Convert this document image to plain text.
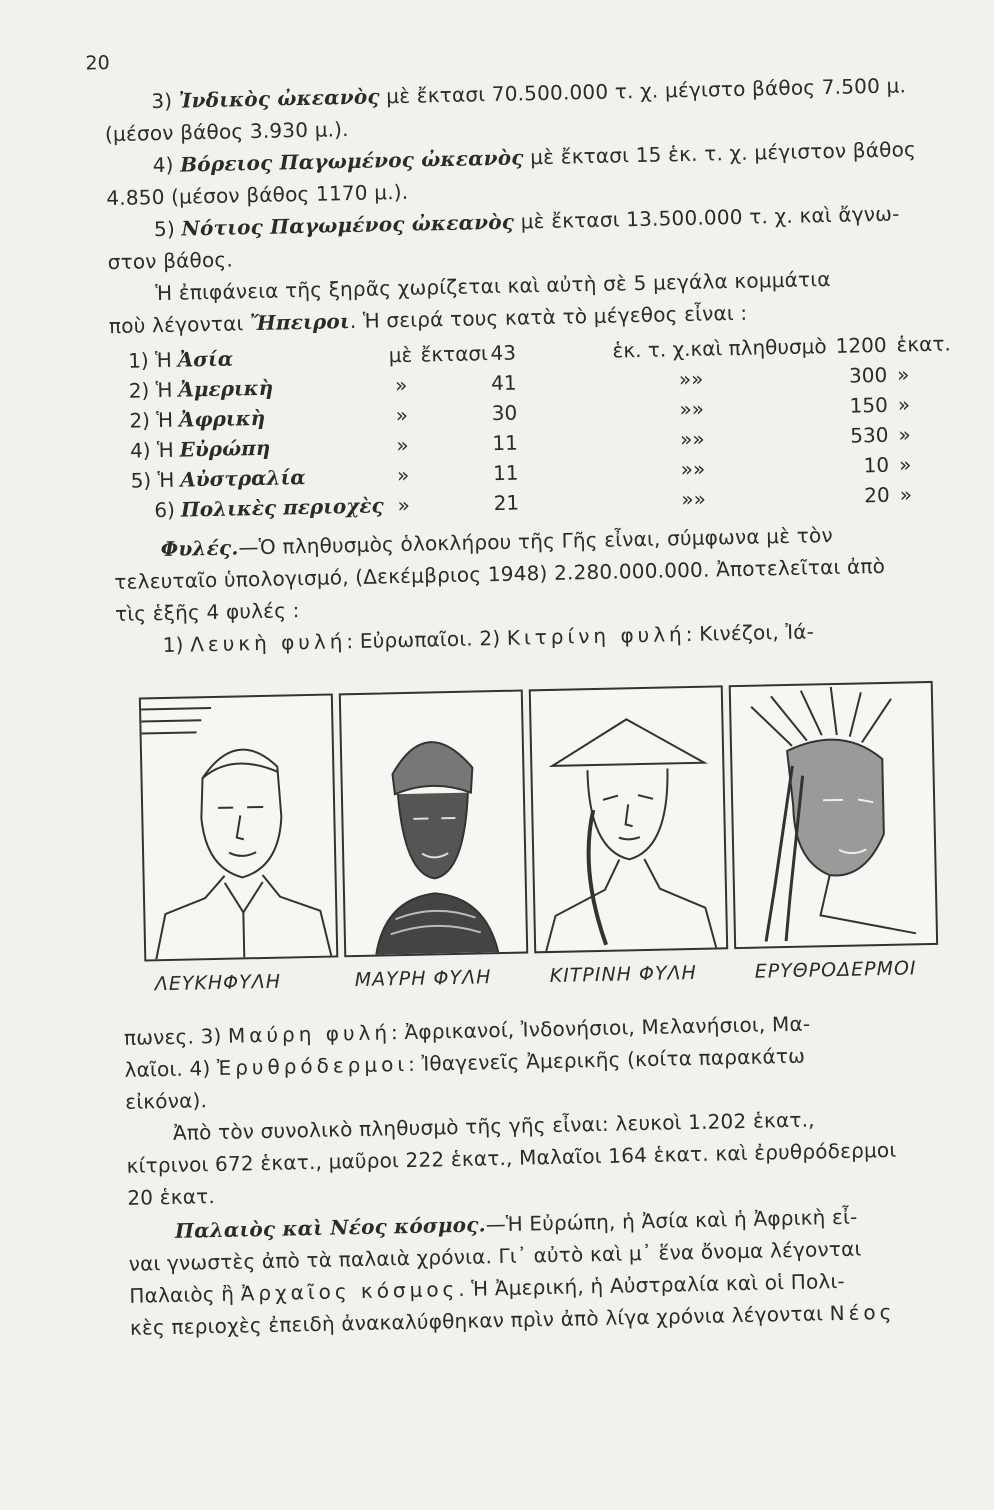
20
3) Ἰνδικὸς ὠκεανὸς μὲ ἔκτασι 70.500.000 τ. χ. μέγιστο βάθος 7.500 μ.
(μέσον βάθος 3.930 μ.).
4) Βόρειος Παγωμένος ὠκεανὸς μὲ ἔκτασι 15 ἑκ. τ. χ. μέγιστον βάθος
4.850 (μέσον βάθος 1170 μ.).
5) Νότιος Παγωμένος ὠκεανὸς μὲ ἔκτασι 13.500.000 τ. χ. καὶ ἄγνω-
στον βάθος.
Ἡ ἐπιφάνεια τῆς ξηρᾶς χωρίζεται καὶ αὐτὴ σὲ 5 μεγάλα κομμάτια
ποὺ λέγονται Ἤπειροι. Ἡ σειρά τους κατὰ τὸ μέγεθος εἶναι :
1) Ἡ	Ἀσία	μὲ	ἔκτασι	43	ἑκ. τ. χ.	καὶ πληθυσμὸ	1200	ἑκατ.
2) Ἡ	Ἀμερικὴ	»		41	»	»	300	»
2) Ἡ	Ἀφρικὴ	»		30	»	»	150	»
4) Ἡ	Εὐρώπη	»		11	»	»	530	»
5) Ἡ	Αὐστραλία	»		11	»	»	10	»
6)	Πολικὲς περιοχὲς	»		21	»	»	20	»
Φυλές.—Ὁ πληθυσμὸς ὁλοκλήρου τῆς Γῆς εἶναι, σύμφωνα μὲ τὸν
τελευταῖο ὑπολογισμό, (Δεκέμβριος 1948) 2.280.000.000. Ἀποτελεῖται ἀπὸ
τὶς ἑξῆς 4 φυλές :
1) Λευκὴ φυλή: Εὐρωπαῖοι. 2) Κιτρίνη φυλή: Κινέζοι, Ἰά-
ΛΕΥΚΗΦΥΛΗ	ΜΑΥΡΗ ΦΥΛΗ	ΚΙΤΡΙΝΗ ΦΥΛΗ	ΕΡΥΘΡΟΔΕΡΜΟΙ
πωνες. 3) Μαύρη φυλή: Ἀφρικανοί, Ἰνδονήσιοι, Μελανήσιοι, Μα-
λαῖοι. 4) Ἐρυθρόδερμοι: Ἰθαγενεῖς Ἀμερικῆς (κοίτα παρακάτω
εἰκόνα).
Ἀπὸ τὸν συνολικὸ πληθυσμὸ τῆς γῆς εἶναι: λευκοὶ 1.202 ἑκατ.,
κίτρινοι 672 ἑκατ., μαῦροι 222 ἑκατ., Μαλαῖοι 164 ἑκατ. καὶ ἐρυθρόδερμοι
20 ἑκατ.
Παλαιὸς καὶ Νέος κόσμος.—Ἡ Εὐρώπη, ἡ Ἀσία καὶ ἡ Ἀφρικὴ εἶ-
ναι γνωστὲς ἀπὸ τὰ παλαιὰ χρόνια. Γι᾽ αὐτὸ καὶ μ᾽ ἕνα ὄνομα λέγονται
Παλαιὸς ἢ Ἀρχαῖος κόσμος. Ἡ Ἀμερική, ἡ Αὐστραλία καὶ οἱ Πολι-
κὲς περιοχὲς ἐπειδὴ ἀνακαλύφθηκαν πρὶν ἀπὸ λίγα χρόνια λέγονται Νέος
